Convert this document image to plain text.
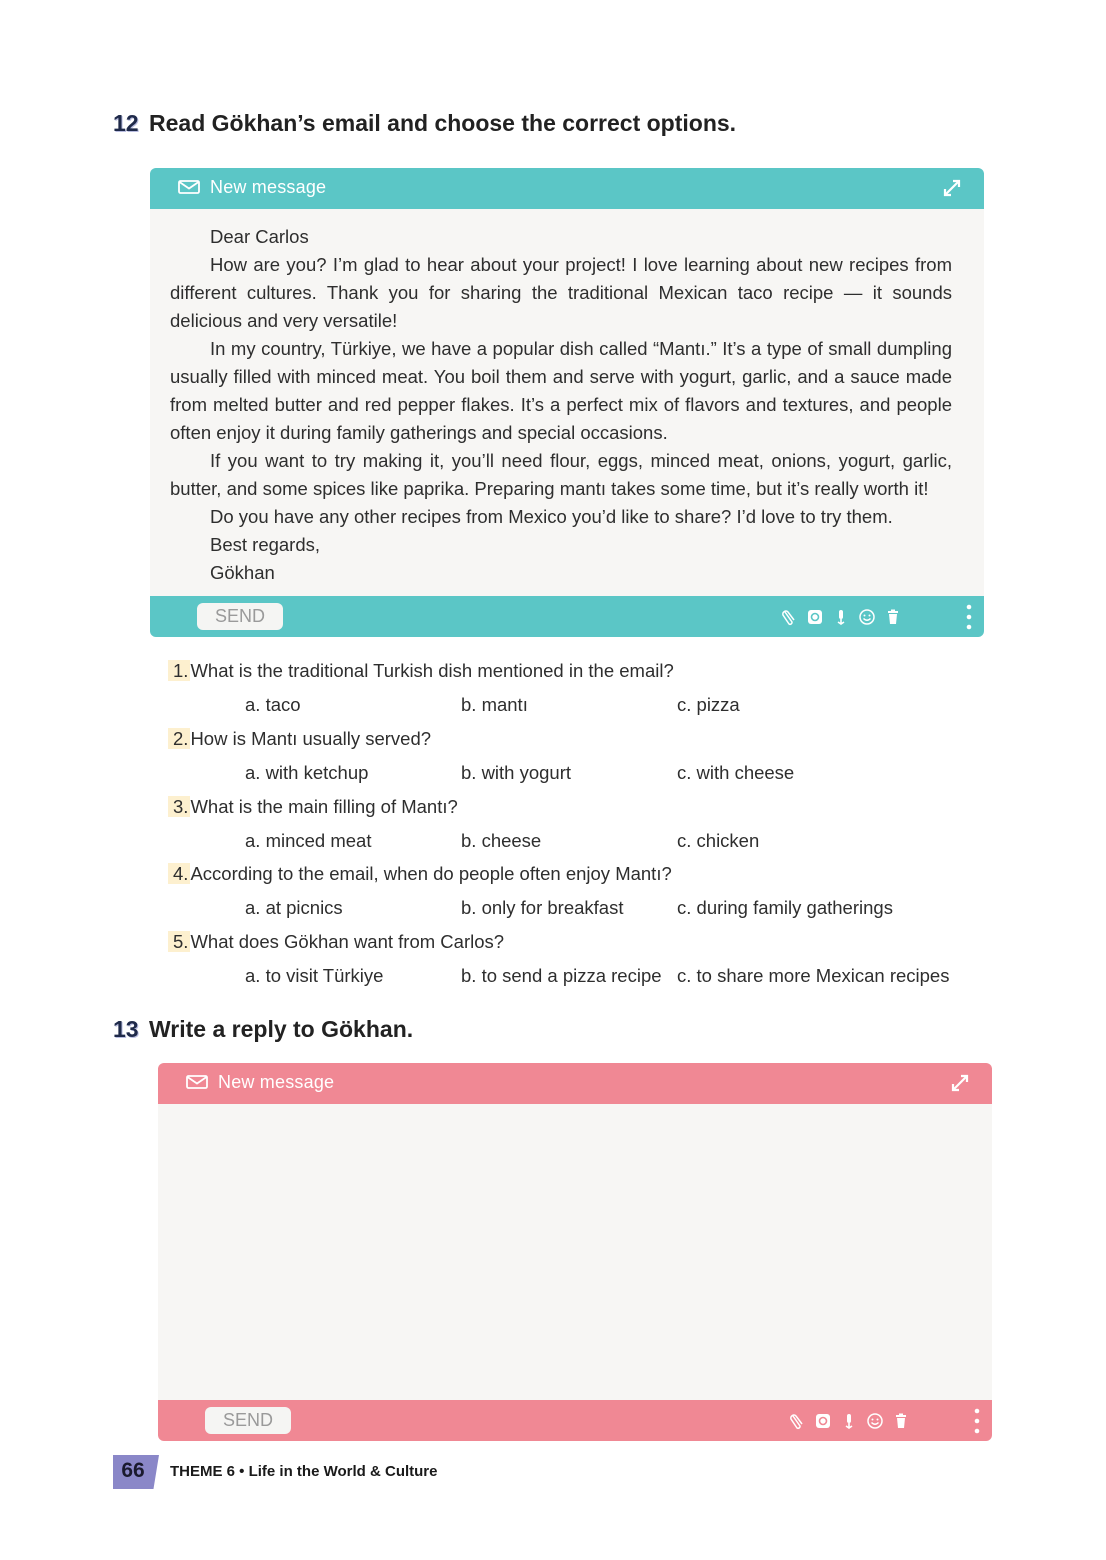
12 Read Gökhan’s email and choose the correct options.
New message
Dear Carlos

How are you? I’m glad to hear about your project! I love learning about new recipes from different cultures. Thank you for sharing the traditional Mexican taco recipe — it sounds delicious and very versatile!

In my country, Türkiye, we have a popular dish called “Mantı.” It’s a type of small dumpling usually filled with minced meat. You boil them and serve with yogurt, garlic, and a sauce made from melted butter and red pepper flakes. It’s a perfect mix of flavors and textures, and people often enjoy it during family gatherings and special occasions.

If you want to try making it, you’ll need flour, eggs, minced meat, onions, yogurt, garlic, butter, and some spices like paprika. Preparing mantı takes some time, but it’s really worth it!

Do you have any other recipes from Mexico you’d like to share? I’d love to try them.

Best regards,
Gökhan
SEND
1. What is the traditional Turkish dish mentioned in the email?
a. taco	b. mantı	c. pizza
2. How is Mantı usually served?
a. with ketchup	b. with yogurt	c. with cheese
3. What is the main filling of Mantı?
a. minced meat	b. cheese	c. chicken
4. According to the email, when do people often enjoy Mantı?
a. at picnics	b. only for breakfast	c. during family gatherings
5. What does Gökhan want from Carlos?
a. to visit Türkiye	b. to send a pizza recipe c. to share more Mexican recipes
13 Write a reply to Gökhan.
New message
SEND
66	THEME 6 • Life in the World & Culture
